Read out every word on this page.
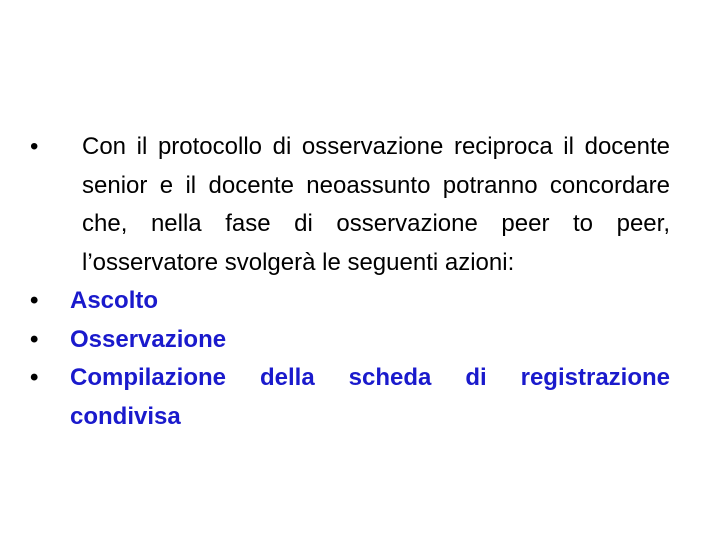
•	Con il protocollo di osservazione reciproca il docente senior e il docente neoassunto potranno concordare che, nella fase di osservazione peer to peer, l’osservatore svolgerà le seguenti azioni:
• Ascolto
• Osservazione
• Compilazione della scheda di registrazione condivisa
